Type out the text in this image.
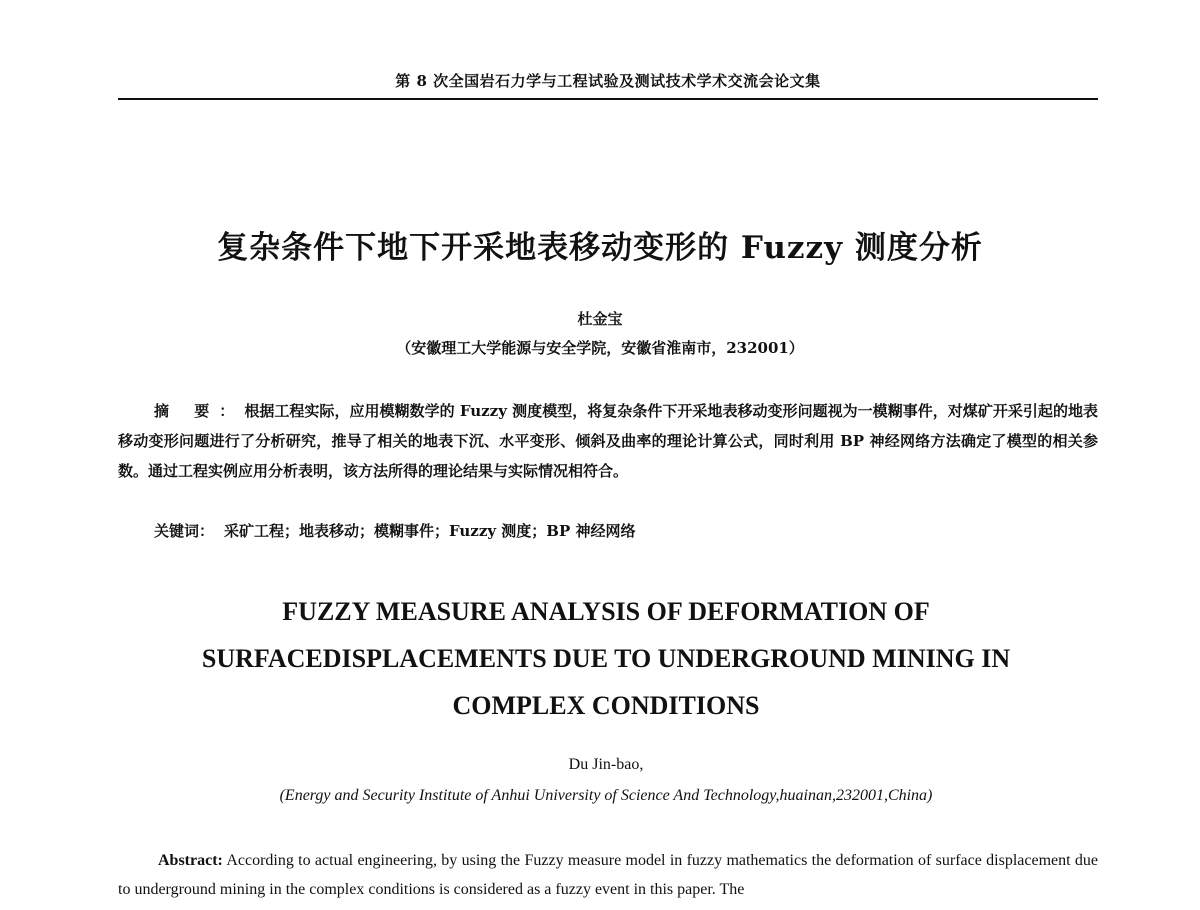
第 8 次全国岩石力学与工程试验及测试技术学术交流会论文集
复杂条件下地下开采地表移动变形的 Fuzzy 测度分析
杜金宝
（安徽理工大学能源与安全学院，安徽省淮南市，232001）

摘 要：根据工程实际，应用模糊数学的 Fuzzy 测度模型，将复杂条件下开采地表移动变形问题视为一模糊事件，对煤矿开采引起的地表移动变形问题进行了分析研究，推导了相关的地表下沉、水平变形、倾斜及曲率的理论计算公式，同时利用 BP 神经网络方法确定了模型的相关参数。通过工程实例应用分析表明，该方法所得的理论结果与实际情况相符合。

关键词： 采矿工程；地表移动；模糊事件；Fuzzy 测度；BP 神经网络
FUZZY MEASURE ANALYSIS OF DEFORMATION OF
SURFACEDISPLACEMENTS DUE TO UNDERGROUND MINING IN
COMPLEX CONDITIONS
Du Jin-bao,
(Energy and Security Institute of Anhui University of Science And Technology,huainan,232001,China)

Abstract: According to actual engineering, by using the Fuzzy measure model in fuzzy mathematics the deformation of surface displacement due to underground mining in the complex conditions is considered as a fuzzy event in this paper. The
